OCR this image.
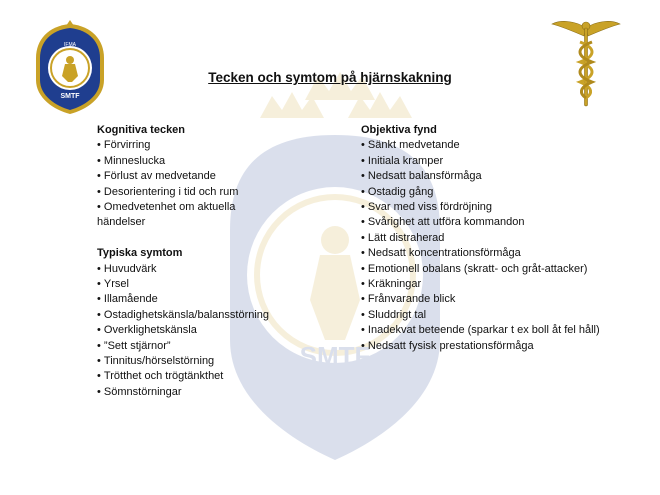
SMTF
IFMA
SMTF
Tecken och symtom på hjärnskakning
Kognitiva tecken
• Förvirring
• Minneslucka
• Förlust av medvetande
• Desorientering i tid och rum
• Omedvetenhet om aktuella händelser
Typiska symtom
• Huvudvärk
• Yrsel
• Illamående
• Ostadighetskänsla/balansstörning
• Overklighetskänsla
• ”Sett stjärnor”
• Tinnitus/hörselstörning
• Trötthet och trögtänkthet
• Sömnstörningar
Objektiva fynd
• Sänkt medvetande
• Initiala kramper
• Nedsatt balansförmåga
• Ostadig gång
• Svar med viss fördröjning
• Svårighet att utföra kommandon
• Lätt distraherad
• Nedsatt koncentrationsförmåga
• Emotionell obalans (skratt- och gråt-attacker)
• Kräkningar
• Frånvarande blick
• Sluddrigt tal
• Inadekvat beteende (sparkar t ex boll åt fel håll)
• Nedsatt fysisk prestationsförmåga
